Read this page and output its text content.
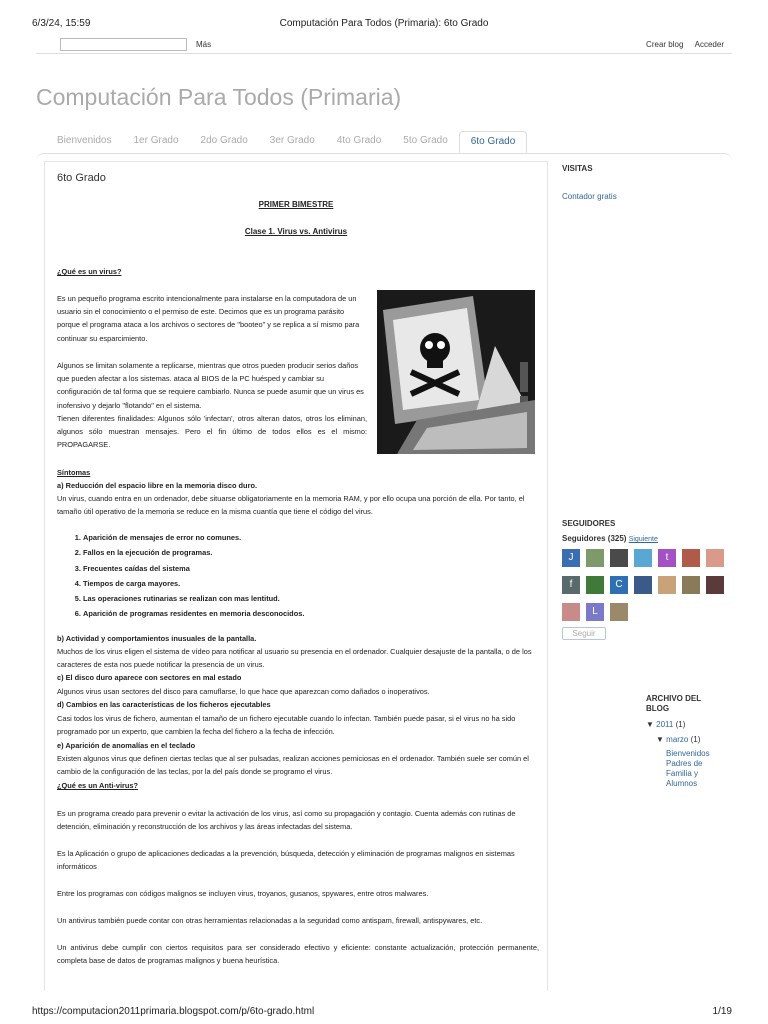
6/3/24, 15:59	Computación Para Todos (Primaria): 6to Grado
Más	Crear blog Acceder
Computación Para Todos (Primaria)
Bienvenidos	1er Grado	2do Grado	3er Grado	4to Grado	5to Grado	6to Grado
6to Grado
PRIMER BIMESTRE
Clase 1. Virus vs. Antivirus
¿Qué es un virus?
Es un pequeño programa escrito intencionalmente para instalarse en la computadora de un usuario sin el conocimiento o el permiso de este. Decimos que es un programa parásito porque el programa ataca a los archivos o sectores de "booteo" y se replica a sí mismo para continuar su esparcimiento.
Algunos se limitan solamente a replicarse, mientras que otros pueden producir serios daños que pueden afectar a los sistemas. ataca al BIOS de la PC huésped y cambiar su configuración de tal forma que se requiere cambiarlo. Nunca se puede asumir que un virus es inofensivo y dejarlo "flotando" en el sistema.
Tienen diferentes finalidades: Algunos sólo 'infectan', otros alteran datos, otros los eliminan, algunos sólo muestran mensajes. Pero el fin último de todos ellos es el mismo: PROPAGARSE.
Síntomas
a) Reducción del espacio libre en la memoria disco duro.
Un virus, cuando entra en un ordenador, debe situarse obligatoriamente en la memoria RAM, y por ello ocupa una porción de ella. Por tanto, el tamaño útil operativo de la memoria se reduce en la misma cuantía que tiene el código del virus.
1. Aparición de mensajes de error no comunes.
2. Fallos en la ejecución de programas.
3. Frecuentes caídas del sistema
4. Tiempos de carga mayores.
5. Las operaciones rutinarias se realizan con mas lentitud.
6. Aparición de programas residentes en memoria desconocidos.
b) Actividad y comportamientos inusuales de la pantalla.
Muchos de los virus eligen el sistema de vídeo para notificar al usuario su presencia en el ordenador. Cualquier desajuste de la pantalla, o de los caracteres de esta nos puede notificar la presencia de un virus.
c) El disco duro aparece con sectores en mal estado
Algunos virus usan sectores del disco para camuflarse, lo que hace que aparezcan como dañados o inoperativos.
d) Cambios en las características de los ficheros ejecutables
Casi todos los virus de fichero, aumentan el tamaño de un fichero ejecutable cuando lo infectan. También puede pasar, si el virus no ha sido programado por un experto, que cambien la fecha del fichero a la fecha de infección.
e) Aparición de anomalías en el teclado
Existen algunos virus que definen ciertas teclas que al ser pulsadas, realizan acciones perniciosas en el ordenador. También suele ser común el cambio de la configuración de las teclas, por la del país donde se programo el virus.
¿Qué es un Anti-virus?
Es un programa creado para prevenir o evitar la activación de los virus, así como su propagación y contagio. Cuenta además con rutinas de detención, eliminación y reconstrucción de los archivos y las áreas infectadas del sistema.
Es la Aplicación o grupo de aplicaciones dedicadas a la prevención, búsqueda, detección y eliminación de programas malignos en sistemas informáticos
Entre los programas con códigos malignos se incluyen virus, troyanos, gusanos, spywares, entre otros malwares.
Un antivirus también puede contar con otras herramientas relacionadas a la seguridad como antispam, firewall, antispywares, etc.
Un antivirus debe cumplir con ciertos requisitos para ser considerado efectivo y eficiente: constante actualización, protección permanente, completa base de datos de programas malignos y buena heurística.
VISITAS
Contador gratis
SEGUIDORES
Seguidores (325) Siguiente
J	t
f	C
L
Seguir
ARCHIVO DEL BLOG
▼ 2011 (1)
▼ marzo (1)
Bienvenidos Padres de Familia y Alumnos
https://computacion2011primaria.blogspot.com/p/6to-grado.html	1/19
